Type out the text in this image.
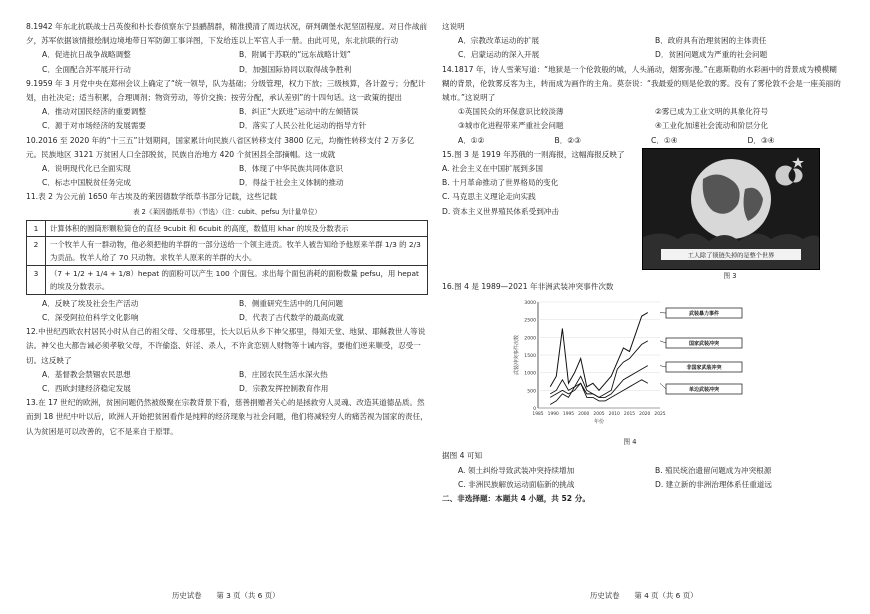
8.1942 年东北抗联战士吕英俊和朴长春侦察东宁县鹂鹊群，精准摸清了周边状况，研判碉堡水泥坚固程度。对日作战前夕，苏军依据该情报绘制边境地带日军防御工事详图，下发给连以上军官人手一册。由此可见，东北抗联的行动

A．促进抗日战争战略调整	B．附属于苏联的“远东战略计划”
C．全面配合苏军展开行动	D．加强国际协同以取得战争胜利

9.1959 年 3 月党中央在郑州会议上确定了“统一领导，队为基础；分级管理，权力下放；三级核算，各计盈亏；分配计划，由社决定；适当积累，合理调剂；物资劳动，等价交换；按劳分配，承认差别”的十四句话。这一政策的提出

A．推动对国民经济的重要调整	B．纠正“大跃进”运动中的左倾错误
C．源于对市场经济的发展需要	D．落实了人民公社化运动的指导方针

10.2016 至 2020 年的“十三五”计划期间，国家累计向民族八省区转移支付 3800 亿元，均衡性转移支付 2 万多亿元。民族地区 3121 万贫困人口全部脱贫，民族自治地方 420 个贫困县全部摘帽。这一成就

A．说明现代化已全面实现	B．体现了中华民族共同体意识
C．标志中国脱贫任务完成	D．得益于社会主义体制的推动

11.表 2 为公元前 1650 年古埃及的莱因德数学纸草书部分记载，这些记载

表 2《莱因德纸草书》（节选）（注：cubit、pefsu 为计量单位）
1	计算体积的圆筒形颗粒筒仓的直径 9cubit 和 6cubit 的高度，数值用 khar 的埃及分数表示
2	一个牧羊人有一群动物，他必须把他的羊群的一部分送给一个领主进贡。牧羊人被告知给予他原来羊群 1/3 的 2/3 为贡品。牧羊人给了 70 只动物。求牧羊人原来的羊群的大小。
3	（7 + 1/2 + 1/4 + 1/8）hepat 的面粉可以产生 100 个面包。求出每个面包消耗的面粉数量 pefsu，用 hepat 的埃及分数表示。
A．反映了埃及社会生产活动	B．侧重研究生活中的几何问题
C．深受阿拉伯科学文化影响	D．代表了古代数学的最高成就

12.中世纪西欧农村居民小时从自己的祖父母、父母那里，长大以后从乡下神父那里，得知天堂、地狱、耶稣教世人等说法。神父也大都告诫必须孝敬父母，不许偷盗、奸淫、杀人，不许贪恋别人财物等十诫内容，要他们逆来顺受，忍受一切。这反映了

A．基督教会禁锢农民思想	B．庄园农民生活水深火热
C．西欧封建经济稳定发展	D．宗教发挥控制教育作用

13.在 17 世纪的欧洲，贫困问题仍然被级聚在宗教背景下看，慈善捐赠者关心的是拯救穷人灵魂、改造其道德品质。然而到 18 世纪中叶以后，欧洲人开始把贫困看作是纯粹的经济现象与社会问题，他们将减轻穷人的痛苦视为国家的责任，认为贫困是可以改善的，它不是来自于原罪。

历史试卷　　第 3 页（共 6 页）

这说明

A．宗教改革运动的扩展	B．政府具有治理贫困的主体责任
C．启蒙运动的深入开展	D．贫困问题成为严重的社会问题

14.1817 年，诗人雪莱写道：“地狱是一个伦敦般的城，人头涌动，烟雾弥漫。”在惠斯勒的水彩画中的背景成为模模糊糊的背景，伦敦雾反客为主，转而成为画作的主角。莫奈说：“我最爱的则是伦敦的雾。没有了雾伦敦不会是一座美丽的城市。”这说明了

①英国民众的环保意识比较淡薄	②雾已成为工业文明的具象化符号
③城市化进程带来严重社会问题	④工业化加速社会流动和阶层分化
A．①②	B．②③	C．①④	D．③④

15.图 3 是 1919 年苏俄的一则海报，这幅海报反映了

A. 社会主义在中国扩展到多国

B. 十月革命推动了世界格局的变化

C. 马克思主义理论走向实践

D. 资本主义世界殖民体系受到冲击

工人除了锁链失掉的是整个世界
图 3

16.图 4 是 1989—2021 年非洲武装冲突事件次数

0
500
1000
1500
2000
2500
3000
1985 1990 1995 2000 2005 2010 2015 2020 2025
年份
武装冲突事件次数
武装暴力事件
国家武装冲突
非国家武装冲突
单边武装冲突
图 4

据图 4 可知

A. 领土纠纷导致武装冲突持续增加	B. 殖民统治遗留问题成为冲突根源
C. 非洲民族解放运动面临新的挑战	D. 建立新的非洲治理体系任重道远

二、非选择题：本题共 4 小题，共 52 分。

历史试卷　　第 4 页（共 6 页）
